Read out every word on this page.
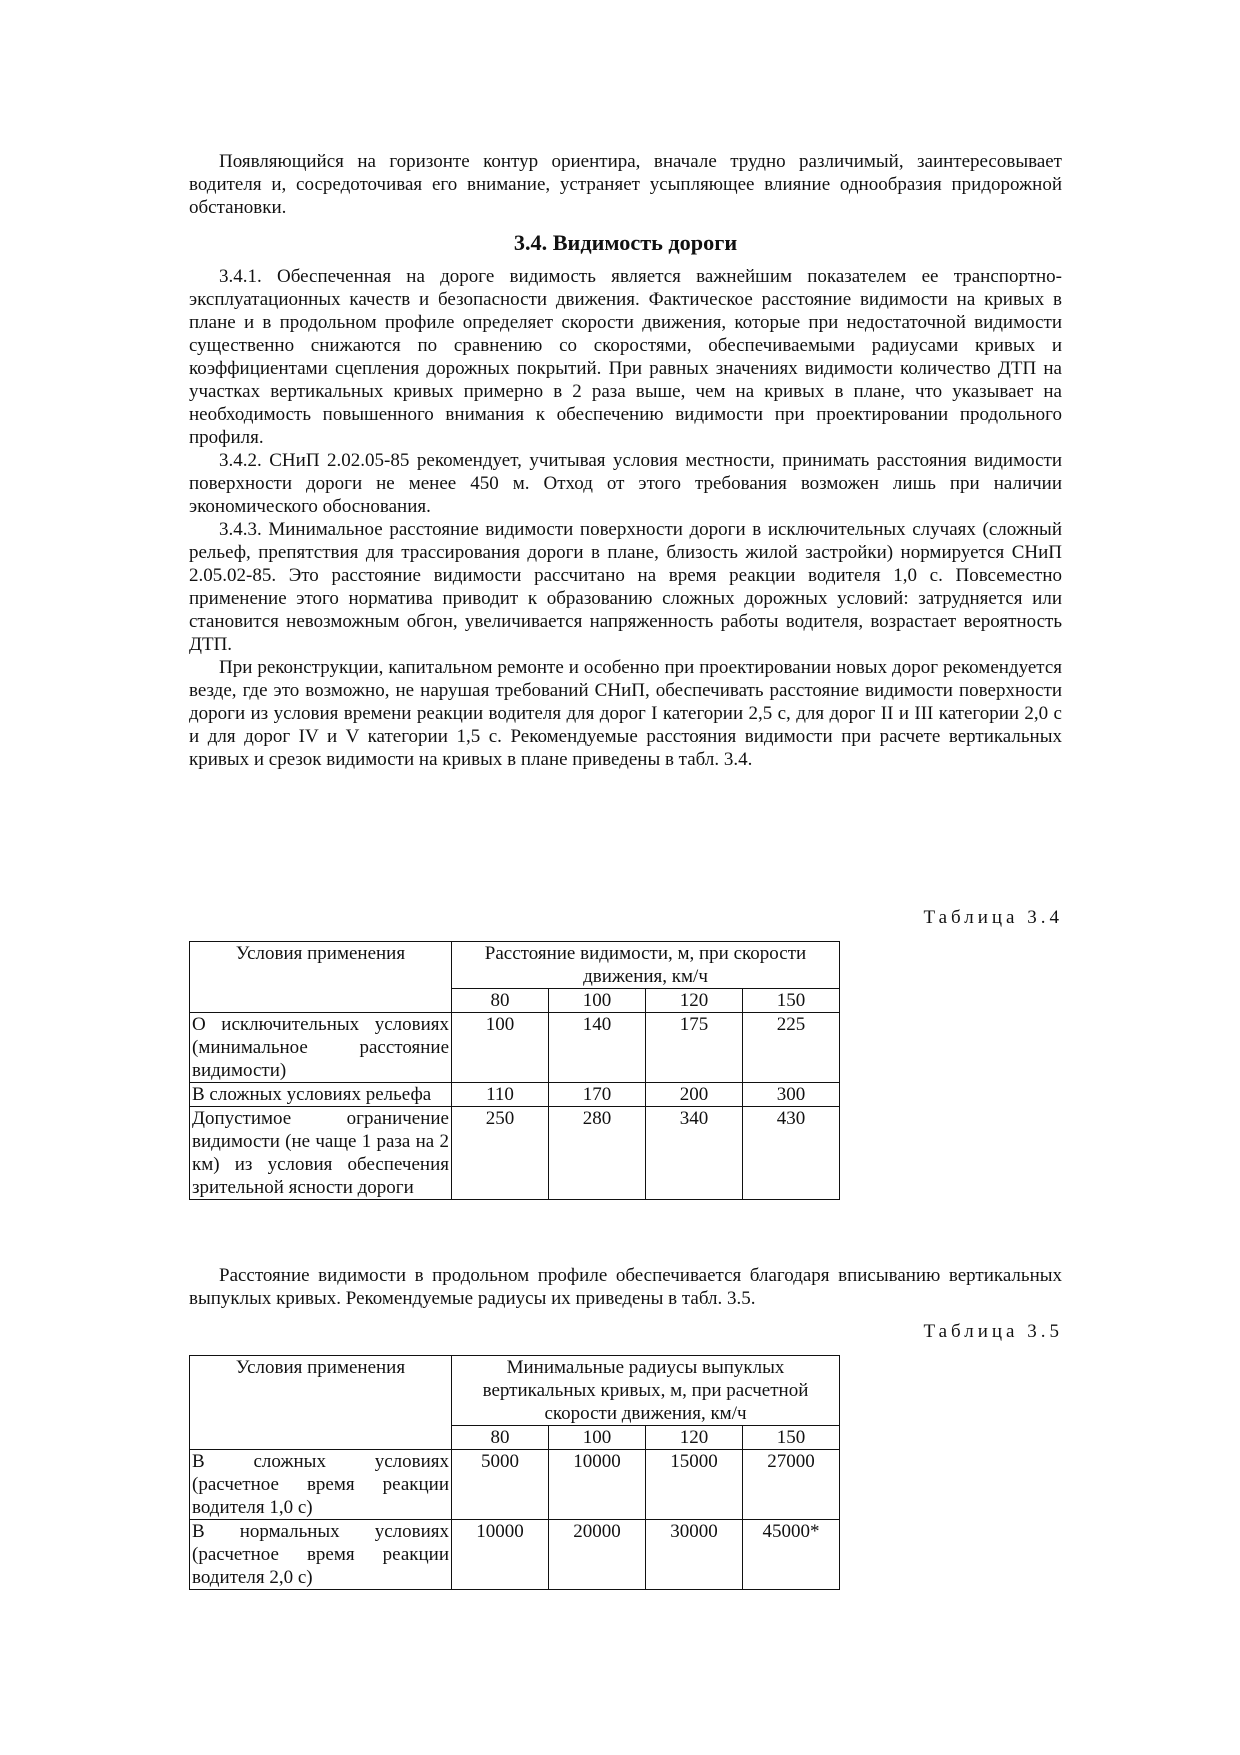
Появляющийся на горизонте контур ориентира, вначале трудно различимый, заинтересовывает водителя и, сосредоточивая его внимание, устраняет усыпляющее влияние однообразия придорожной обстановки.

3.4. Видимость дороги

3.4.1. Обеспеченная на дороге видимость является важнейшим показателем ее транспортно-эксплуатационных качеств и безопасности движения. Фактическое расстояние видимости на кривых в плане и в продольном профиле определяет скорости движения, которые при недостаточной видимости существенно снижаются по сравнению со скоростями, обеспечиваемыми радиусами кривых и коэффициентами сцепления дорожных покрытий. При равных значениях видимости количество ДТП на участках вертикальных кривых примерно в 2 раза выше, чем на кривых в плане, что указывает на необходимость повышенного внимания к обеспечению видимости при проектировании продольного профиля.

3.4.2. СНиП 2.02.05-85 рекомендует, учитывая условия местности, принимать расстояния видимости поверхности дороги не менее 450 м. Отход от этого требования возможен лишь при наличии экономического обоснования.

3.4.3. Минимальное расстояние видимости поверхности дороги в исключительных случаях (сложный рельеф, препятствия для трассирования дороги в плане, близость жилой застройки) нормируется СНиП 2.05.02-85. Это расстояние видимости рассчитано на время реакции водителя 1,0 с. Повсеместно применение этого норматива приводит к образованию сложных дорожных условий: затрудняется или становится невозможным обгон, увеличивается напряженность работы водителя, возрастает вероятность ДТП.

При реконструкции, капитальном ремонте и особенно при проектировании новых дорог рекомендуется везде, где это возможно, не нарушая требований СНиП, обеспечивать расстояние видимости поверхности дороги из условия времени реакции водителя для дорог I категории 2,5 с, для дорог II и III категории 2,0 с и для дорог IV и V категории 1,5 с. Рекомендуемые расстояния видимости при расчете вертикальных кривых и срезок видимости на кривых в плане приведены в табл. 3.4.

Таблица 3.4
Условия применения	Расстояние видимости, м, при скорости движения, км/ч			
	80	100	120	150
О исключительных условиях (минимальное расстояние видимости)	100	140	175	225
В сложных условиях рельефа	110	170	200	300
Допустимое ограничение видимости (не чаще 1 раза на 2 км) из условия обеспечения зрительной ясности дороги	250	280	340	430

Расстояние видимости в продольном профиле обеспечивается благодаря вписыванию вертикальных выпуклых кривых. Рекомендуемые радиусы их приведены в табл. 3.5.

Таблица 3.5
Условия применения	Минимальные радиусы выпуклых вертикальных кривых, м, при расчетной скорости движения, км/ч			
	80	100	120	150
В сложных условиях (расчетное время реакции водителя 1,0 с)	5000	10000	15000	27000
В нормальных условиях (расчетное время реакции водителя 2,0 с)	10000	20000	30000	45000*
